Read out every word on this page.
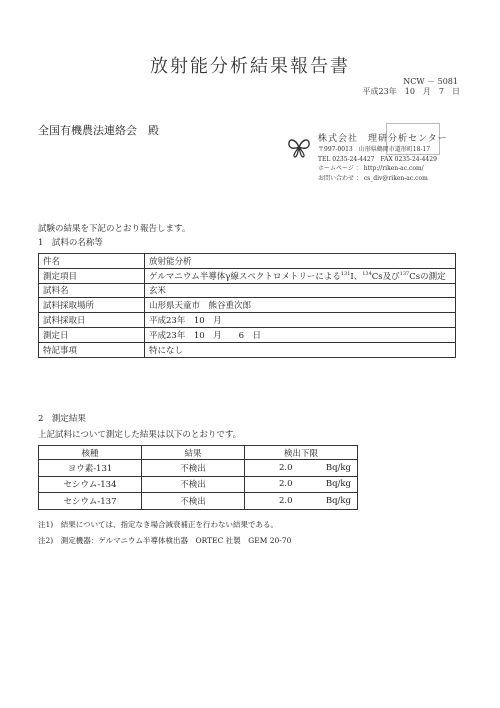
放射能分析結果報告書
NCW － 5081
平成23年　10　月　7　日
全国有機農法連絡会　殿
株式会社　 理研分析センター
〒997-0013　山形県鶴岡市道形町18-17
TEL 0235-24-4427　FAX 0235-24-4429
ホームページ ： http://riken-ac.com/
お問い合わせ ： cs_div@riken-ac.com
試験の結果を下記のとおり報告します。
1　試料の名称等
件名	放射能分析
測定項目	ゲルマニウム半導体γ線スペクトロメトリーによる$^{131}$I、$^{134}$Cs及び$^{137}$Csの測定
試料名	玄米
試料採取場所	山形県天童市　熊谷重次郎
試料採取日	平成23年　10　月
測定日	平成23年　10　月　　6　日
特記事項	特になし
2　測定結果
上記試料について測定した結果は以下のとおりです。
核種	結果	検出下限
ヨウ素-131	不検出	2.0 Bq/kg

セシウム-134	不検出	2.0 Bq/kg

セシウム-137	不検出	2.0 Bq/kg
注1)　結果については、指定なき場合減衰補正を行わない結果である。
注2)　測定機器：ゲルマニウム半導体検出器　ORTEC 社製　GEM 20-70
